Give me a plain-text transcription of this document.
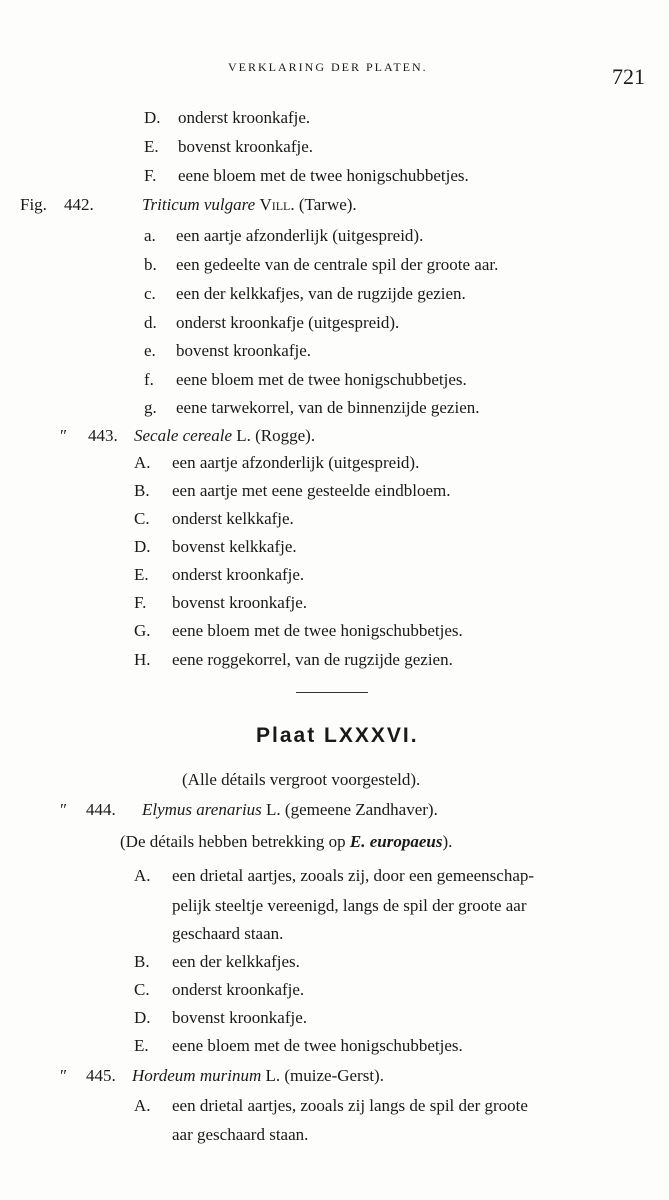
VERKLARING DER PLATEN.	721
D. onderst kroonkafje.
E. bovenst kroonkafje.
F. eene bloem met de twee honigschubbetjes.
Fig. 442.	Triticum vulgare Vill. (Tarwe).
a. een aartje afzonderlijk (uitgespreid).
b. een gedeelte van de centrale spil der groote aar.
c. een der kelkkafjes, van de rugzijde gezien.
d. onderst kroonkafje (uitgespreid).
e. bovenst kroonkafje.
f. eene bloem met de twee honigschubbetjes.
g. eene tarwekorrel, van de binnenzijde gezien.
″ 443. Secale cereale L. (Rogge).
A. een aartje afzonderlijk (uitgespreid).
B. een aartje met eene gesteelde eindbloem.
C. onderst kelkkafje.
D. bovenst kelkkafje.
E. onderst kroonkafje.
F. bovenst kroonkafje.
G. eene bloem met de twee honigschubbetjes.
H. eene roggekorrel, van de rugzijde gezien.
Plaat LXXXVI.
(Alle détails vergroot voorgesteld).
″ 444. Elymus arenarius L. (gemeene Zandhaver).
(De détails hebben betrekking op E. europaeus).
A. een drietal aartjes, zooals zij, door een gemeenschap-
pelijk steeltje vereenigd, langs de spil der groote aar
geschaard staan.
B. een der kelkkafjes.
C. onderst kroonkafje.
D. bovenst kroonkafje.
E. eene bloem met de twee honigschubbetjes.
″ 445. Hordeum murinum L. (muize-Gerst).
A. een drietal aartjes, zooals zij langs de spil der groote
aar geschaard staan.
